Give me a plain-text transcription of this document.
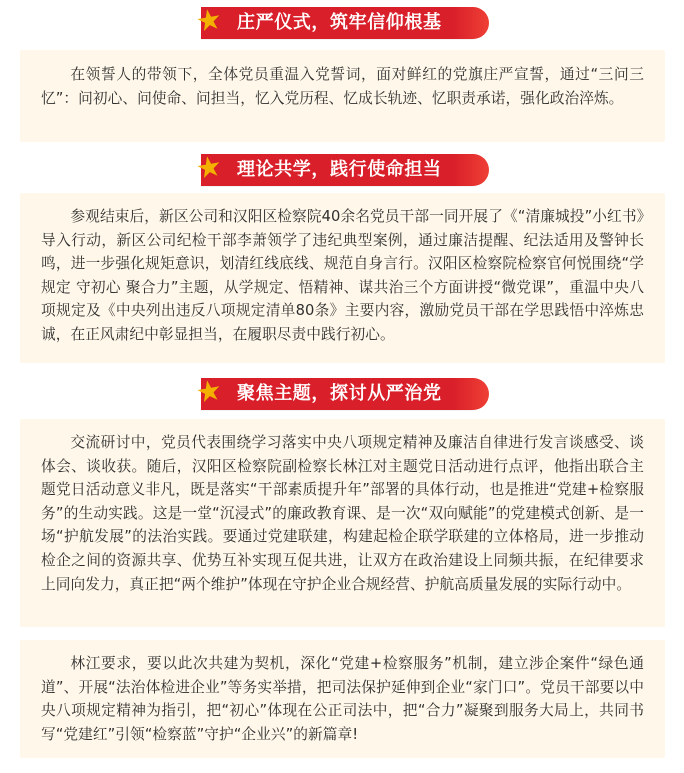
★ 庄严仪式，筑牢信仰根基

在领誓人的带领下，全体党员重温入党誓词，面对鲜红的党旗庄严宣誓，通过“三问三忆”：问初心、问使命、问担当，忆入党历程、忆成长轨迹、忆职责承诺，强化政治淬炼。

★ 理论共学，践行使命担当

参观结束后，新区公司和汉阳区检察院40余名党员干部一同开展了《“清廉城投”小红书》导入行动，新区公司纪检干部李萧领学了违纪典型案例，通过廉洁提醒、纪法适用及警钟长鸣，进一步强化规矩意识，划清红线底线、规范自身言行。汉阳区检察院检察官何悦围绕“学规定 守初心 聚合力”主题，从学规定、悟精神、谋共治三个方面讲授“微党课”，重温中央八项规定及《中央列出违反八项规定清单80条》主要内容，激励党员干部在学思践悟中淬炼忠诚，在正风肃纪中彰显担当，在履职尽责中践行初心。

★ 聚焦主题，探讨从严治党

交流研讨中，党员代表围绕学习落实中央八项规定精神及廉洁自律进行发言谈感受、谈体会、谈收获。随后，汉阳区检察院副检察长林江对主题党日活动进行点评，他指出联合主题党日活动意义非凡，既是落实“干部素质提升年”部署的具体行动，也是推进“党建+检察服务”的生动实践。这是一堂“沉浸式”的廉政教育课、是一次“双向赋能”的党建模式创新、是一场“护航发展”的法治实践。要通过党建联建，构建起检企联学联建的立体格局，进一步推动检企之间的资源共享、优势互补实现互促共进，让双方在政治建设上同频共振，在纪律要求上同向发力，真正把“两个维护”体现在守护企业合规经营、护航高质量发展的实际行动中。

林江要求，要以此次共建为契机，深化“党建+检察服务”机制，建立涉企案件“绿色通道”、开展“法治体检进企业”等务实举措，把司法保护延伸到企业“家门口”。党员干部要以中央八项规定精神为指引，把“初心”体现在公正司法中，把“合力”凝聚到服务大局上，共同书写“党建红”引领“检察蓝”守护“企业兴”的新篇章!
